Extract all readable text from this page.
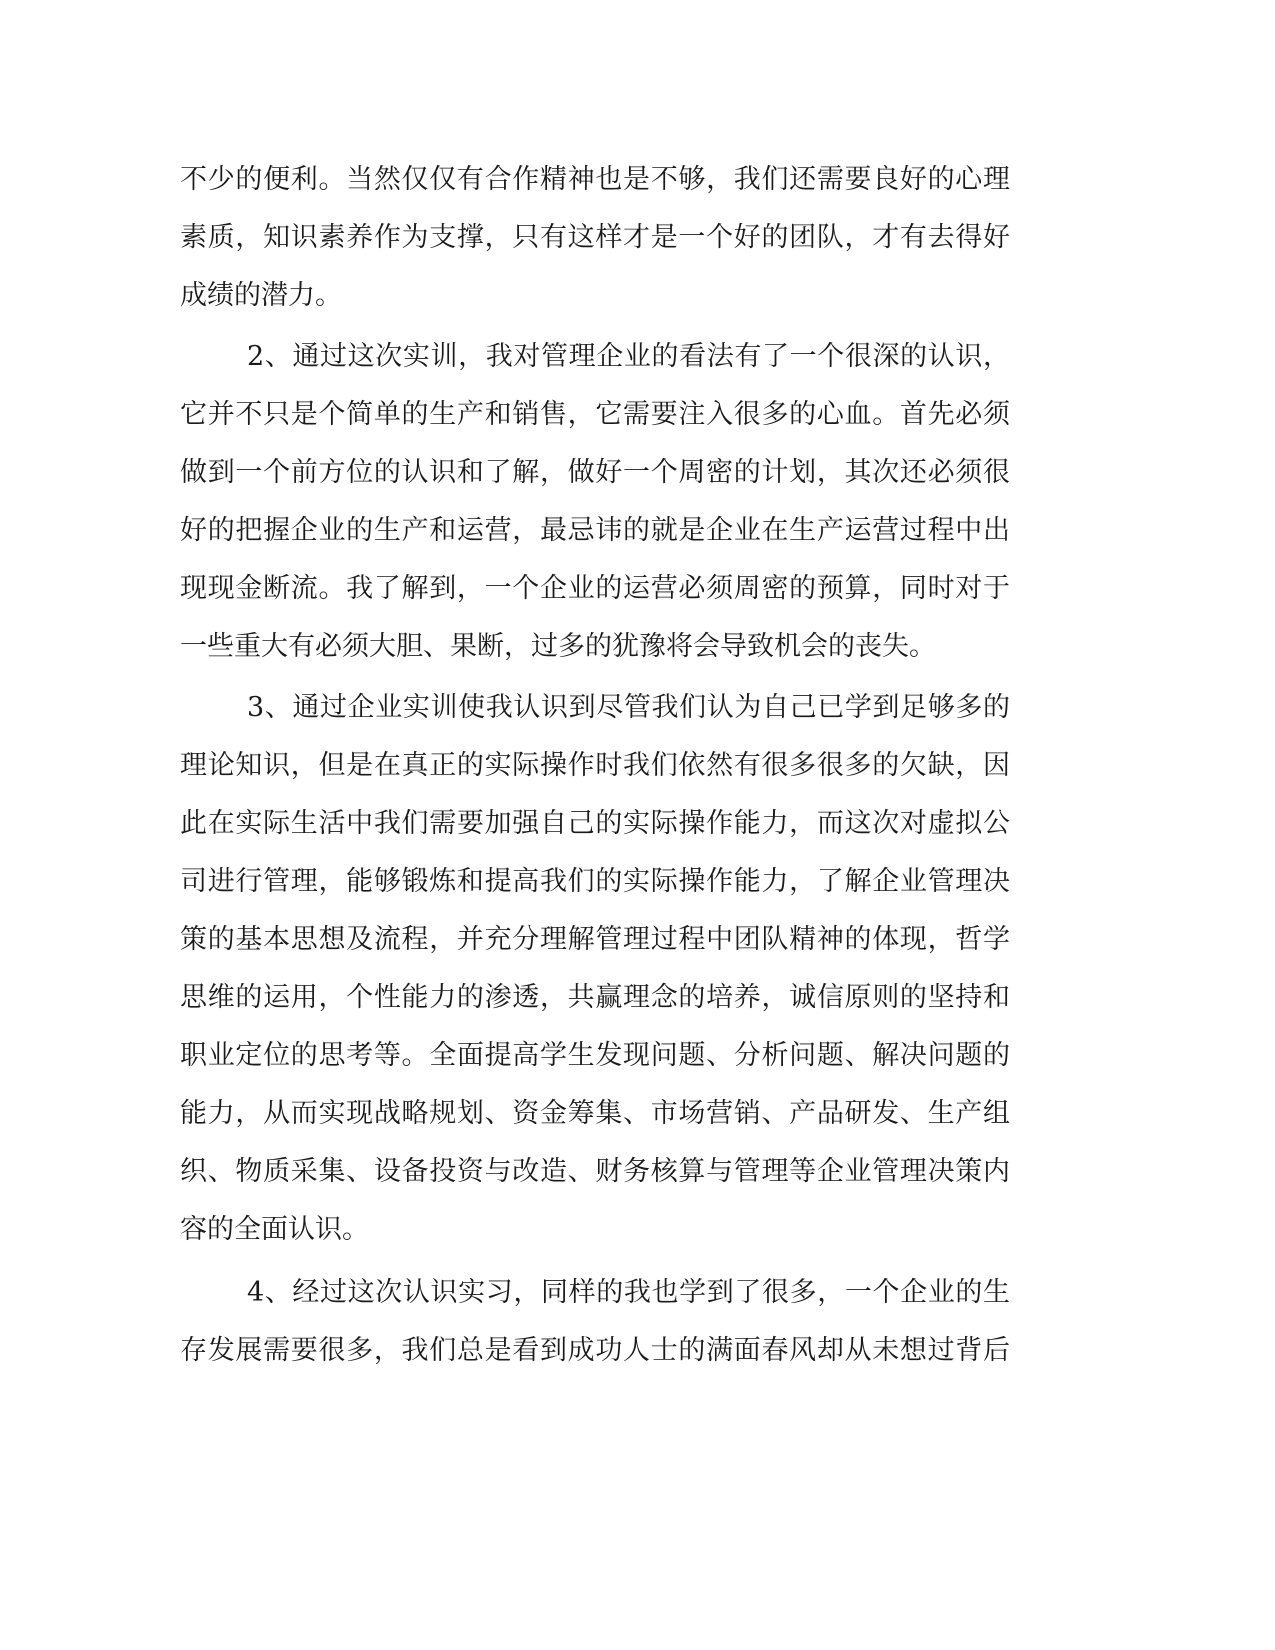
不少的便利。当然仅仅有合作精神也是不够，我们还需要良好的心理
素质，知识素养作为支撑，只有这样才是一个好的团队，才有去得好
成绩的潜力。
2、通过这次实训，我对管理企业的看法有了一个很深的认识，
它并不只是个简单的生产和销售，它需要注入很多的心血。首先必须
做到一个前方位的认识和了解，做好一个周密的计划，其次还必须很
好的把握企业的生产和运营，最忌讳的就是企业在生产运营过程中出
现现金断流。我了解到，一个企业的运营必须周密的预算，同时对于
一些重大有必须大胆、果断，过多的犹豫将会导致机会的丧失。
3、通过企业实训使我认识到尽管我们认为自己已学到足够多的
理论知识，但是在真正的实际操作时我们依然有很多很多的欠缺，因
此在实际生活中我们需要加强自己的实际操作能力，而这次对虚拟公
司进行管理，能够锻炼和提高我们的实际操作能力，了解企业管理决
策的基本思想及流程，并充分理解管理过程中团队精神的体现，哲学
思维的运用，个性能力的渗透，共赢理念的培养，诚信原则的坚持和
职业定位的思考等。全面提高学生发现问题、分析问题、解决问题的
能力，从而实现战略规划、资金筹集、市场营销、产品研发、生产组
织、物质采集、设备投资与改造、财务核算与管理等企业管理决策内
容的全面认识。
4、经过这次认识实习，同样的我也学到了很多，一个企业的生
存发展需要很多，我们总是看到成功人士的满面春风却从未想过背后
